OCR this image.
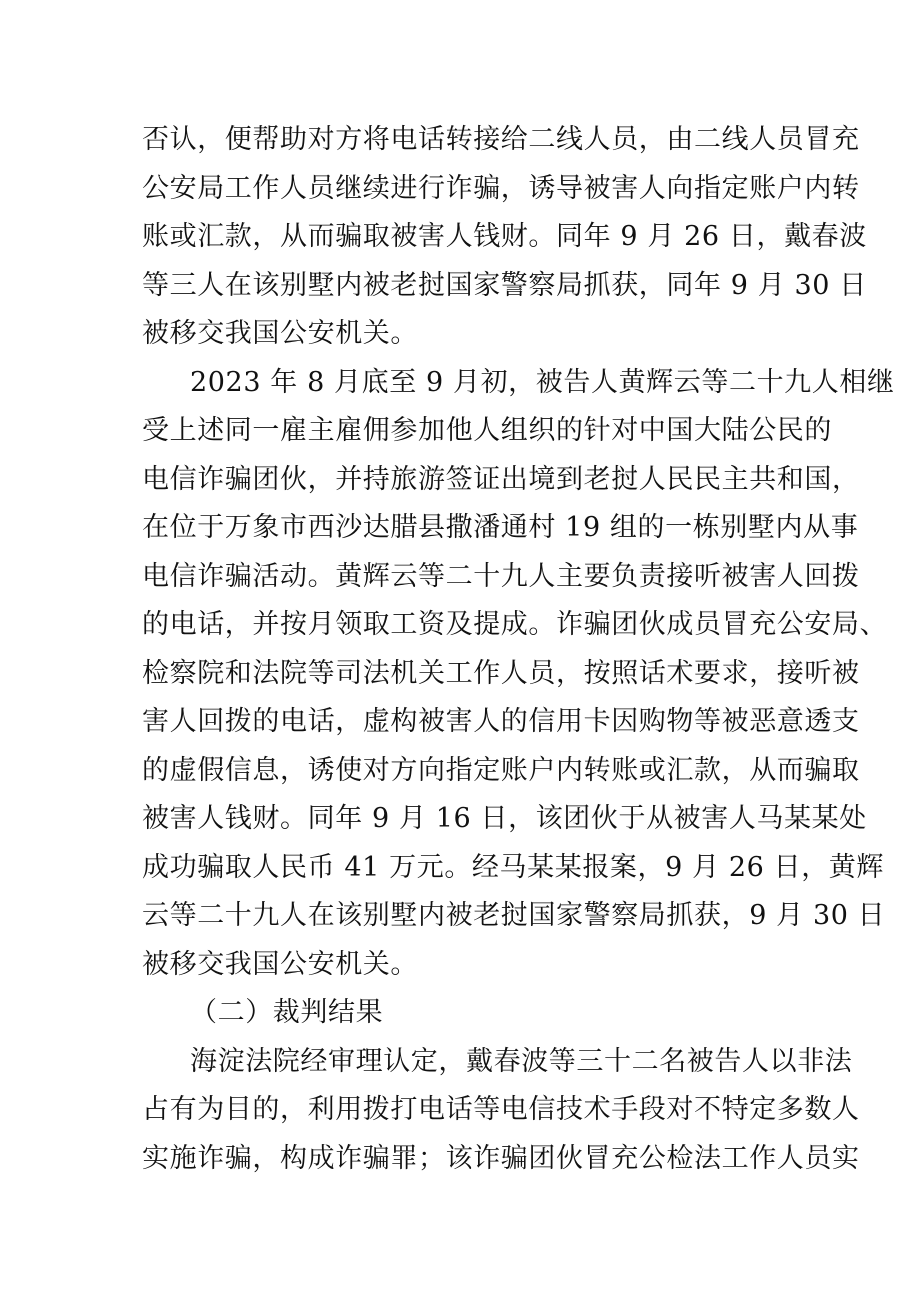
否认，便帮助对方将电话转接给二线人员，由二线人员冒充
公安局工作人员继续进行诈骗，诱导被害人向指定账户内转
账或汇款，从而骗取被害人钱财。同年 9 月 26 日，戴春波
等三人在该别墅内被老挝国家警察局抓获，同年 9 月 30 日
被移交我国公安机关。
2023 年 8 月底至 9 月初，被告人黄辉云等二十九人相继
受上述同一雇主雇佣参加他人组织的针对中国大陆公民的
电信诈骗团伙，并持旅游签证出境到老挝人民民主共和国，
在位于万象市西沙达腊县撒潘通村 19 组的一栋别墅内从事
电信诈骗活动。黄辉云等二十九人主要负责接听被害人回拨
的电话，并按月领取工资及提成。诈骗团伙成员冒充公安局、
检察院和法院等司法机关工作人员，按照话术要求，接听被
害人回拨的电话，虚构被害人的信用卡因购物等被恶意透支
的虚假信息，诱使对方向指定账户内转账或汇款，从而骗取
被害人钱财。同年 9 月 16 日，该团伙于从被害人马某某处
成功骗取人民币 41 万元。经马某某报案，9 月 26 日，黄辉
云等二十九人在该别墅内被老挝国家警察局抓获，9 月 30 日
被移交我国公安机关。
（二）裁判结果
海淀法院经审理认定，戴春波等三十二名被告人以非法
占有为目的，利用拨打电话等电信技术手段对不特定多数人
实施诈骗，构成诈骗罪；该诈骗团伙冒充公检法工作人员实
